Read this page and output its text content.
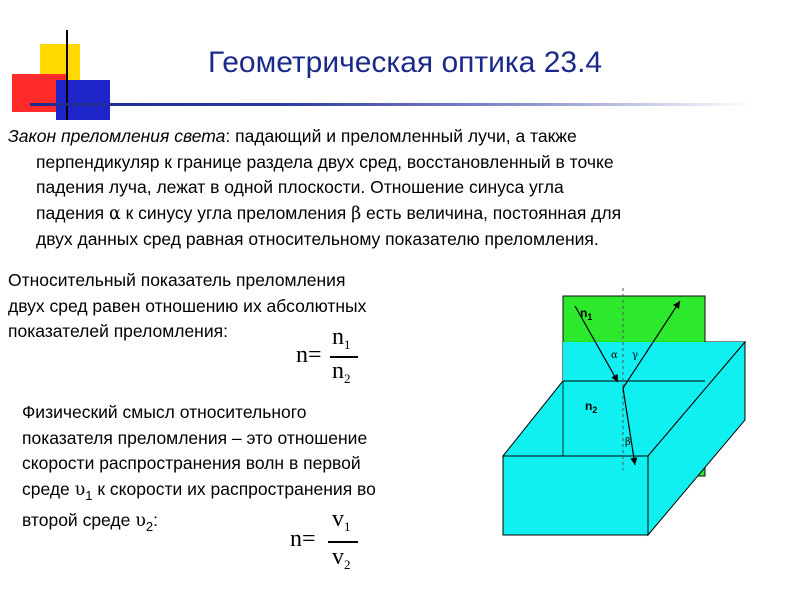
Геометрическая оптика 23.4
Закон преломления света: падающий и преломленный лучи, а также
перпендикуляр к границе раздела двух сред, восстановленный в точке
падения луча, лежат в одной плоскости. Отношение синуса угла
падения α к синусу угла преломления β есть величина, постоянная для
двух данных сред равная относительному показателю преломления.
Относительный показатель преломления
двух сред равен отношению их абсолютных
показателей преломления:
n=
$n_1$
$n_2$
Физический смысл относительного
показателя преломления – это отношение
скорости распространения волн в первой
среде $\upsilon_1$ к скорости их распространения во
второй среде $\upsilon_2$:
n=
$v_1$
$v_2$
$n_1$
$n_2$
α γ
β
